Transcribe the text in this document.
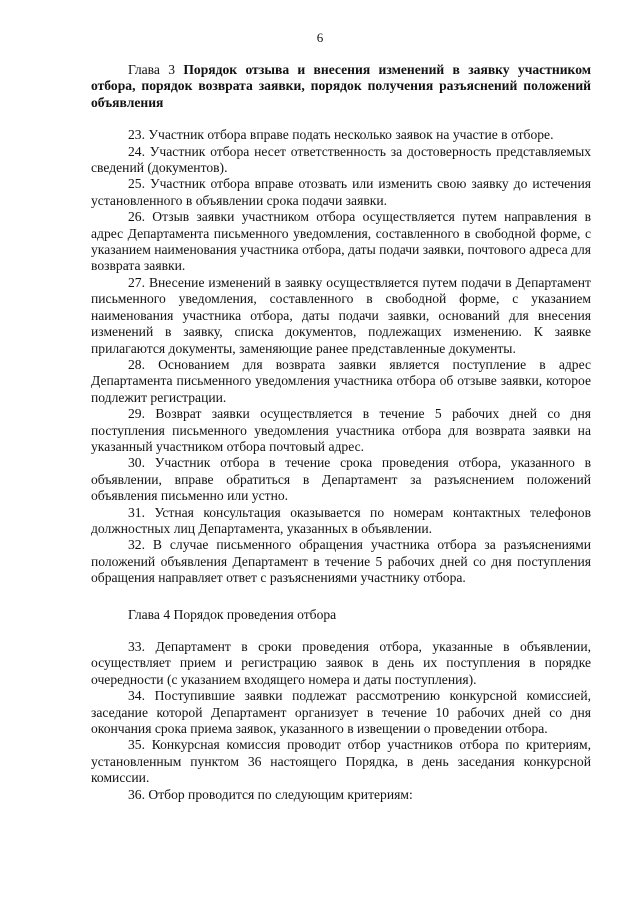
6

Глава 3 Порядок отзыва и внесения изменений в заявку участником отбора, порядок возврата заявки, порядок получения разъяснений положений объявления

23. Участник отбора вправе подать несколько заявок на участие в отборе.

24. Участник отбора несет ответственность за достоверность представляемых сведений (документов).

25. Участник отбора вправе отозвать или изменить свою заявку до истечения установленного в объявлении срока подачи заявки.

26. Отзыв заявки участником отбора осуществляется путем направления в адрес Департамента письменного уведомления, составленного в свободной форме, с указанием наименования участника отбора, даты подачи заявки, почтового адреса для возврата заявки.

27. Внесение изменений в заявку осуществляется путем подачи в Департамент письменного уведомления, составленного в свободной форме, с указанием наименования участника отбора, даты подачи заявки, оснований для внесения изменений в заявку, списка документов, подлежащих изменению. К заявке прилагаются документы, заменяющие ранее представленные документы.

28. Основанием для возврата заявки является поступление в адрес Департамента письменного уведомления участника отбора об отзыве заявки, которое подлежит регистрации.

29. Возврат заявки осуществляется в течение 5 рабочих дней со дня поступления письменного уведомления участника отбора для возврата заявки на указанный участником отбора почтовый адрес.

30. Участник отбора в течение срока проведения отбора, указанного в объявлении, вправе обратиться в Департамент за разъяснением положений объявления письменно или устно.

31. Устная консультация оказывается по номерам контактных телефонов должностных лиц Департамента, указанных в объявлении.

32. В случае письменного обращения участника отбора за разъяснениями положений объявления Департамент в течение 5 рабочих дней со дня поступления обращения направляет ответ с разъяснениями участнику отбора.

Глава 4 Порядок проведения отбора

33. Департамент в сроки проведения отбора, указанные в объявлении, осуществляет прием и регистрацию заявок в день их поступления в порядке очередности (с указанием входящего номера и даты поступления).

34. Поступившие заявки подлежат рассмотрению конкурсной комиссией, заседание которой Департамент организует в течение 10 рабочих дней со дня окончания срока приема заявок, указанного в извещении о проведении отбора.

35. Конкурсная комиссия проводит отбор участников отбора по критериям, установленным пунктом 36 настоящего Порядка, в день заседания конкурсной комиссии.

36. Отбор проводится по следующим критериям:
